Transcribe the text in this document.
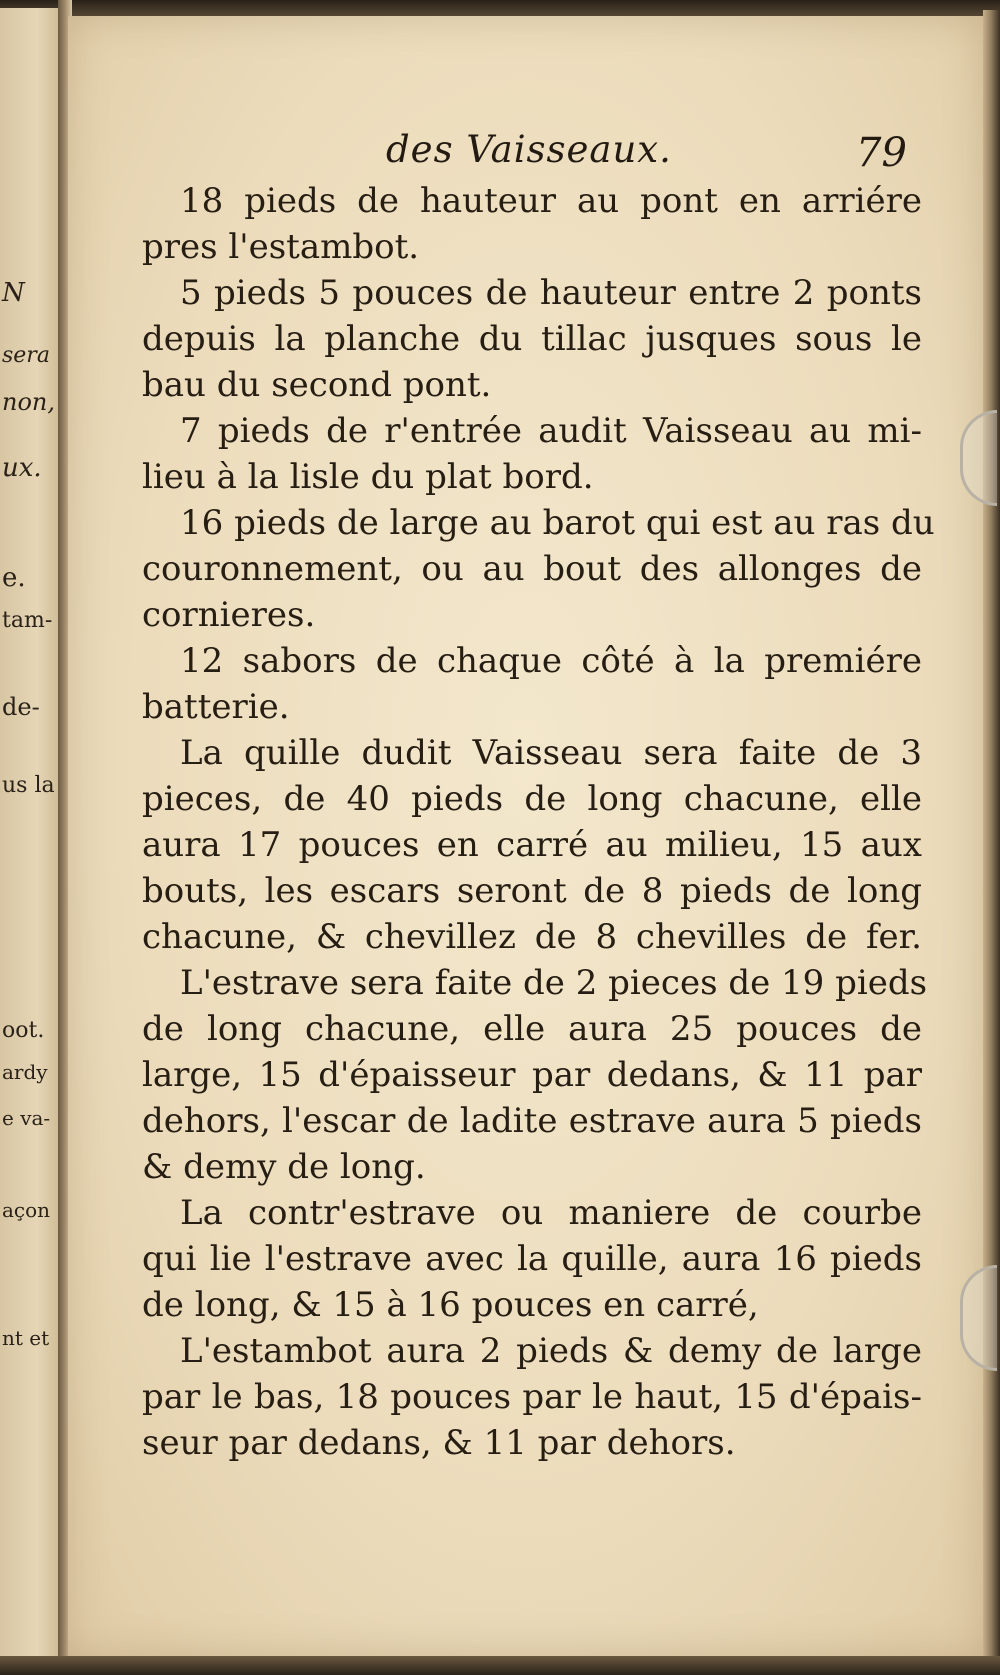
N
sera
non,
ux.
e.
tam-
de-
us la
oot.
ardy
e va-
açon
nt et
des Vaisseaux.	79
18 pieds de hauteur au pont en arriére
pres l'estambot.
5 pieds 5 pouces de hauteur entre 2 ponts
depuis la planche du tillac jusques sous le
bau du second pont.
7 pieds de r'entrée audit Vaisseau au mi-
lieu à la lisle du plat bord.
16 pieds de large au barot qui est au ras du
couronnement, ou au bout des allonges de
cornieres.
12 sabors de chaque côté à la premiére
batterie.
La quille dudit Vaisseau sera faite de 3
pieces, de 40 pieds de long chacune, elle
aura 17 pouces en carré au milieu, 15 aux
bouts, les escars seront de 8 pieds de long
chacune, & chevillez de 8 chevilles de fer.
L'estrave sera faite de 2 pieces de 19 pieds
de long chacune, elle aura 25 pouces de
large, 15 d'épaisseur par dedans, & 11 par
dehors, l'escar de ladite estrave aura 5 pieds
& demy de long.
La contr'estrave ou maniere de courbe
qui lie l'estrave avec la quille, aura 16 pieds
de long, & 15 à 16 pouces en carré,
L'estambot aura 2 pieds & demy de large
par le bas, 18 pouces par le haut, 15 d'épais-
seur par dedans, & 11 par dehors.
